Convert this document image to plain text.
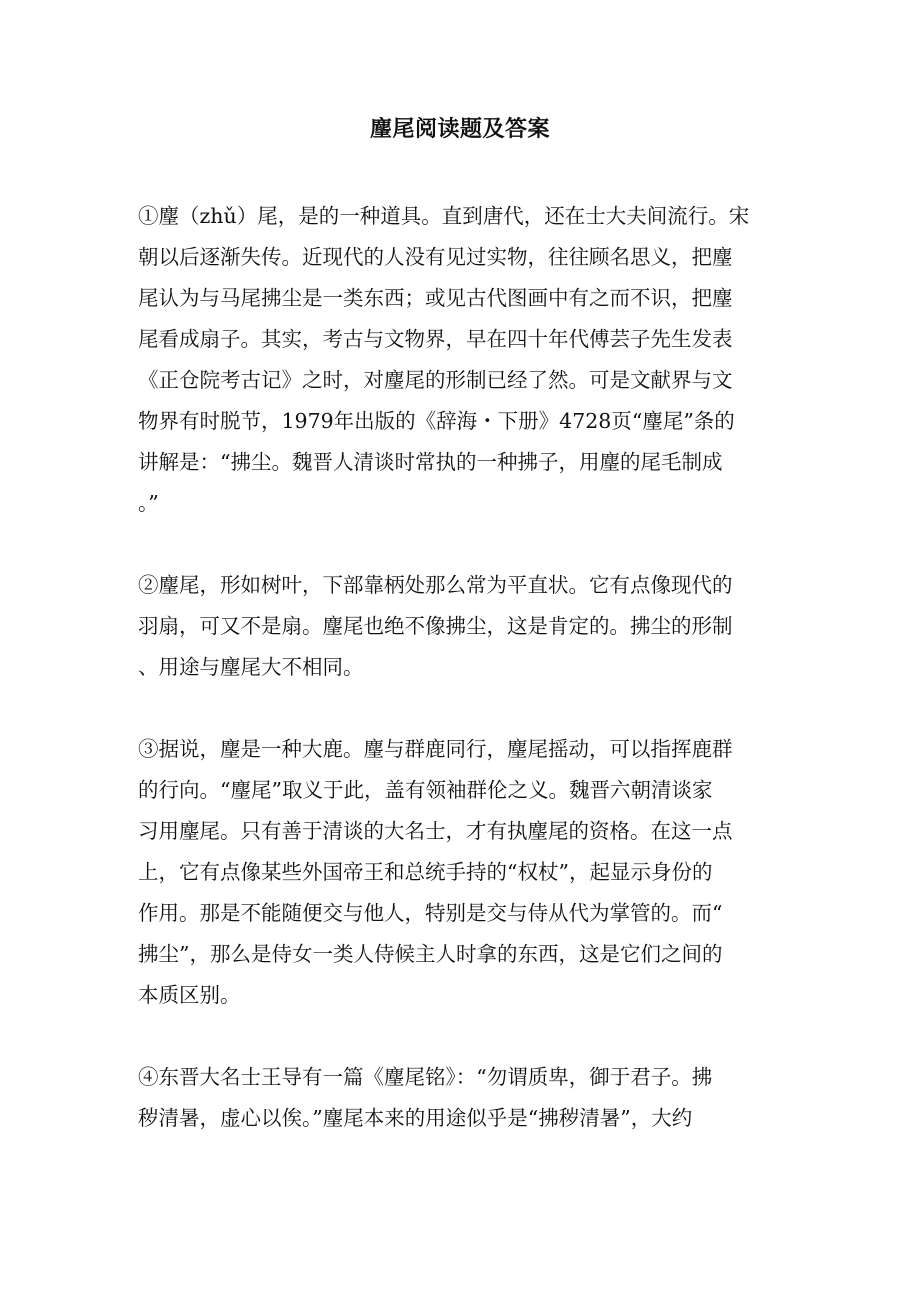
麈尾阅读题及答案

①麈（zhǔ）尾，是的一种道具。直到唐代，还在士大夫间流行。宋
朝以后逐渐失传。近现代的人没有见过实物，往往顾名思义，把麈
尾认为与马尾拂尘是一类东西；或见古代图画中有之而不识，把麈
尾看成扇子。其实，考古与文物界，早在四十年代傅芸子先生发表
《正仓院考古记》之时，对麈尾的形制已经了然。可是文献界与文
物界有时脱节，1979年出版的《辞海・下册》4728页“麈尾”条的
讲解是：“拂尘。魏晋人清谈时常执的一种拂子，用麈的尾毛制成
。”

②麈尾，形如树叶，下部靠柄处那么常为平直状。它有点像现代的
羽扇，可又不是扇。麈尾也绝不像拂尘，这是肯定的。拂尘的形制
、用途与麈尾大不相同。

③据说，麈是一种大鹿。麈与群鹿同行，麈尾摇动，可以指挥鹿群
的行向。“麈尾”取义于此，盖有领袖群伦之义。魏晋六朝清谈家
习用麈尾。只有善于清谈的大名士，才有执麈尾的资格。在这一点
上，它有点像某些外国帝王和总统手持的“权杖”，起显示身份的
作用。那是不能随便交与他人，特别是交与侍从代为掌管的。而“
拂尘”，那么是侍女一类人侍候主人时拿的东西，这是它们之间的
本质区别。

④东晋大名士王导有一篇《麈尾铭》：“勿谓质卑，御于君子。拂
秽清暑，虚心以俟。”麈尾本来的用途似乎是“拂秽清暑”，大约
